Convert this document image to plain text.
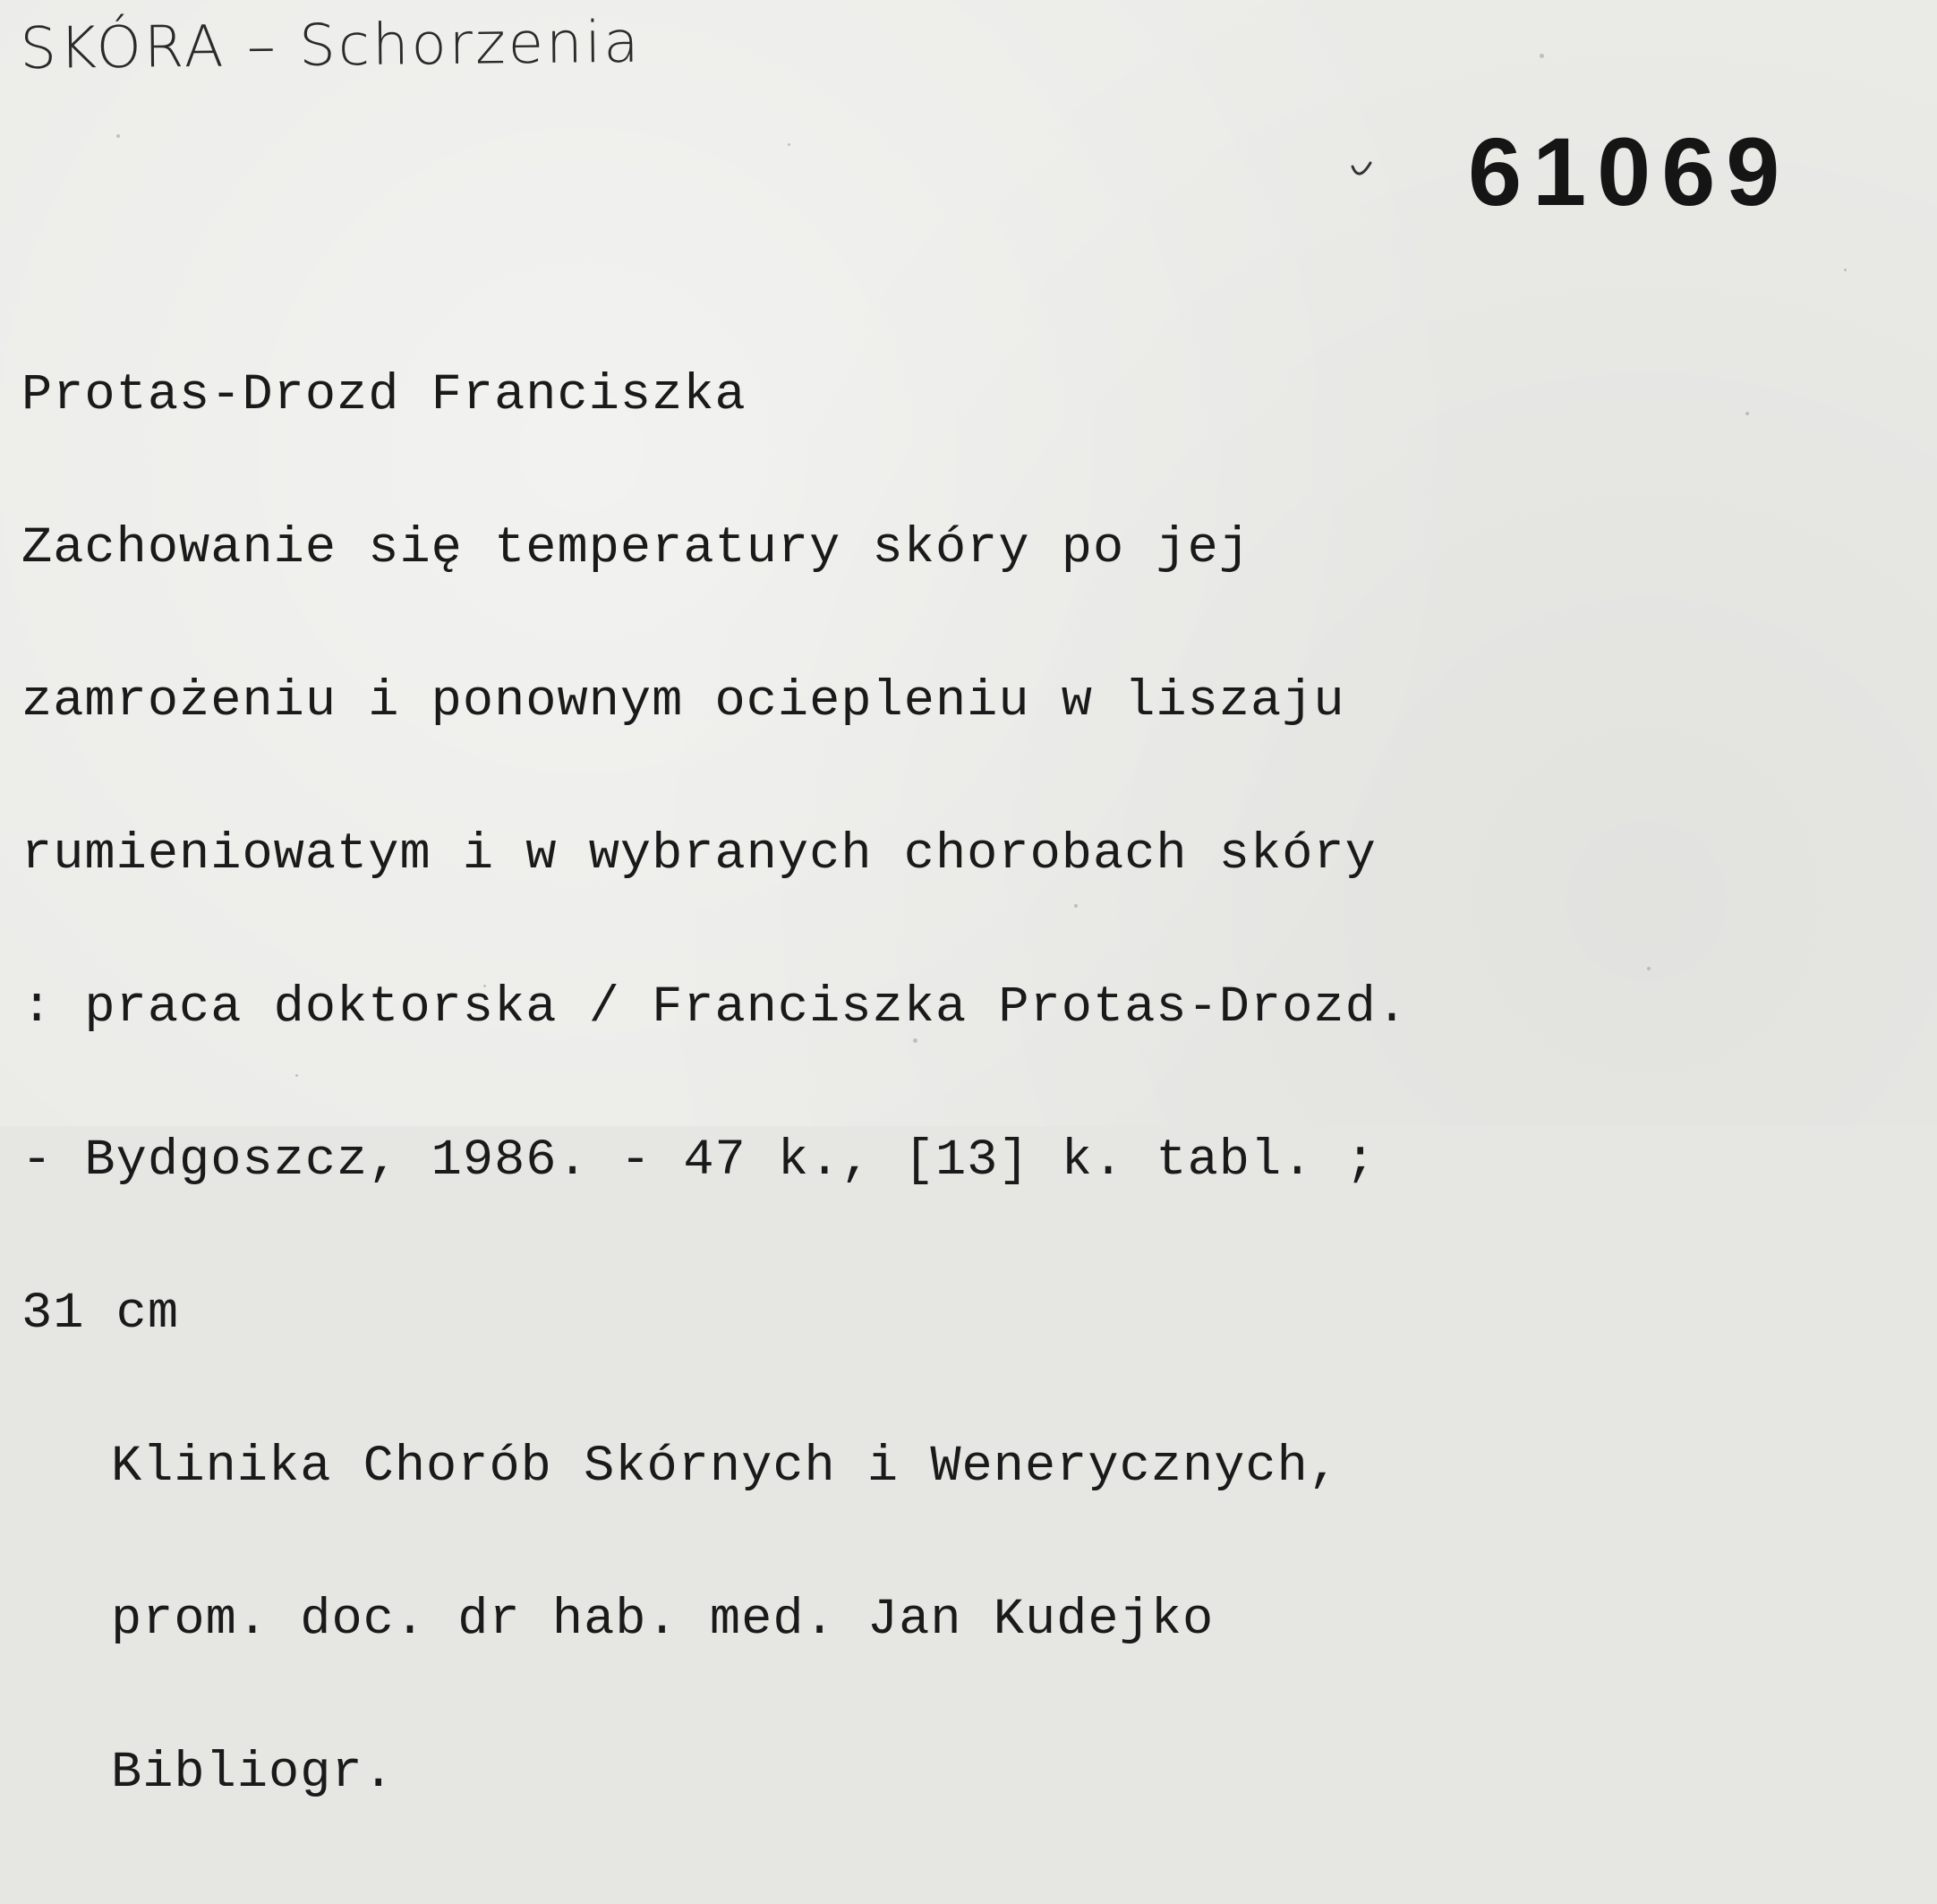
SKÓRA – Schorzenia
61069

Protas-Drozd Franciszka

Zachowanie się temperatury skóry po jej

zamrożeniu i ponownym ociepleniu w liszaju

rumieniowatym i w wybranych chorobach skóry

: praca doktorska / Franciszka Protas-Drozd.

- Bydgoszcz, 1986. - 47 k., [13] k. tabl. ;

31 cm

Klinika Chorób Skórnych i Wenerycznych,

prom. doc. dr hab. med. Jan Kudejko

Bibliogr.
